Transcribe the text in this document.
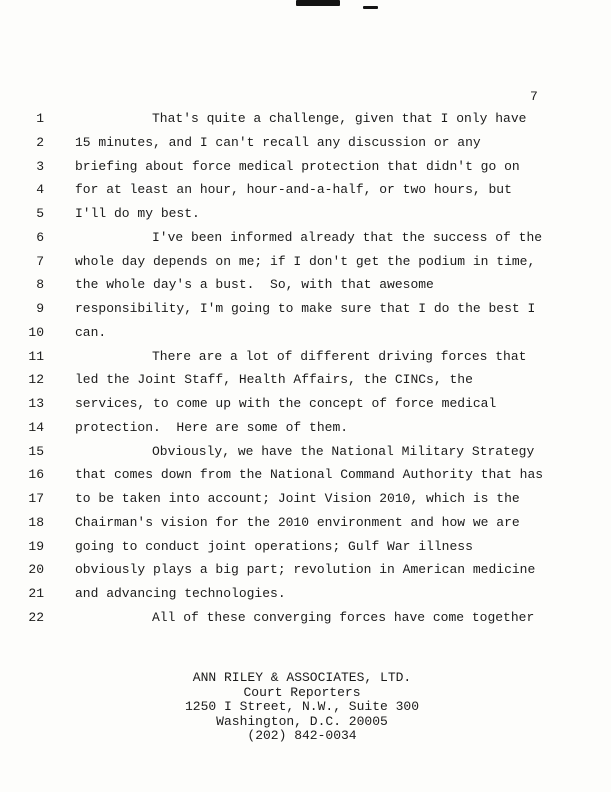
7
1	That's quite a challenge, given that I only have
2	15 minutes, and I can't recall any discussion or any
3	briefing about force medical protection that didn't go on
4	for at least an hour, hour-and-a-half, or two hours, but
5	I'll do my best.
6	I've been informed already that the success of the
7	whole day depends on me; if I don't get the podium in time,
8	the whole day's a bust.  So, with that awesome
9	responsibility, I'm going to make sure that I do the best I
10	can.
11	There are a lot of different driving forces that
12	led the Joint Staff, Health Affairs, the CINCs, the
13	services, to come up with the concept of force medical
14	protection.  Here are some of them.
15	Obviously, we have the National Military Strategy
16	that comes down from the National Command Authority that has
17	to be taken into account; Joint Vision 2010, which is the
18	Chairman's vision for the 2010 environment and how we are
19	going to conduct joint operations; Gulf War illness
20	obviously plays a big part; revolution in American medicine
21	and advancing technologies.
22	All of these converging forces have come together
ANN RILEY & ASSOCIATES, LTD.
Court Reporters
1250 I Street, N.W., Suite 300
Washington, D.C. 20005
(202) 842-0034
